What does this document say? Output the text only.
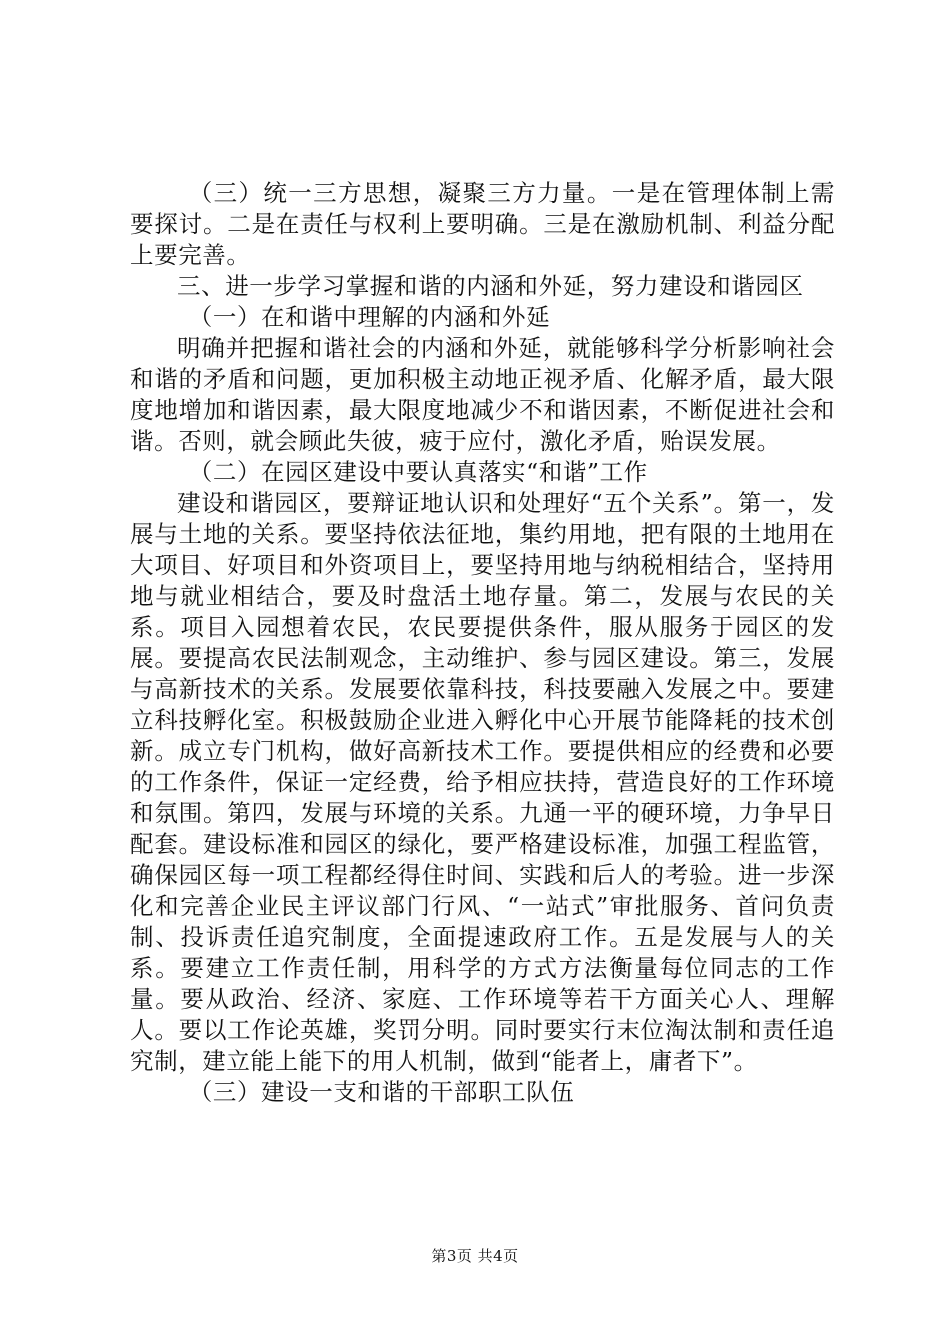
（三）统一三方思想，凝聚三方力量。一是在管理体制上需要探讨。二是在责任与权利上要明确。三是在激励机制、利益分配上要完善。

三、进一步学习掌握和谐的内涵和外延，努力建设和谐园区

（一）在和谐中理解的内涵和外延

明确并把握和谐社会的内涵和外延，就能够科学分析影响社会和谐的矛盾和问题，更加积极主动地正视矛盾、化解矛盾，最大限度地增加和谐因素，最大限度地减少不和谐因素，不断促进社会和谐。否则，就会顾此失彼，疲于应付，激化矛盾，贻误发展。

（二）在园区建设中要认真落实“和谐”工作

建设和谐园区，要辩证地认识和处理好“五个关系”。第一，发展与土地的关系。要坚持依法征地，集约用地，把有限的土地用在大项目、好项目和外资项目上，要坚持用地与纳税相结合，坚持用地与就业相结合，要及时盘活土地存量。第二，发展与农民的关系。项目入园想着农民，农民要提供条件，服从服务于园区的发展。要提高农民法制观念，主动维护、参与园区建设。第三，发展与高新技术的关系。发展要依靠科技，科技要融入发展之中。要建立科技孵化室。积极鼓励企业进入孵化中心开展节能降耗的技术创新。成立专门机构，做好高新技术工作。要提供相应的经费和必要的工作条件，保证一定经费，给予相应扶持，营造良好的工作环境和氛围。第四，发展与环境的关系。九通一平的硬环境，力争早日配套。建设标准和园区的绿化，要严格建设标准，加强工程监管，确保园区每一项工程都经得住时间、实践和后人的考验。进一步深化和完善企业民主评议部门行风、“一站式”审批服务、首问负责制、投诉责任追究制度，全面提速政府工作。五是发展与人的关系。要建立工作责任制，用科学的方式方法衡量每位同志的工作量。要从政治、经济、家庭、工作环境等若干方面关心人、理解人。要以工作论英雄，奖罚分明。同时要实行末位淘汰制和责任追究制，建立能上能下的用人机制，做到“能者上，庸者下”。

（三）建设一支和谐的干部职工队伍

第3页 共4页
